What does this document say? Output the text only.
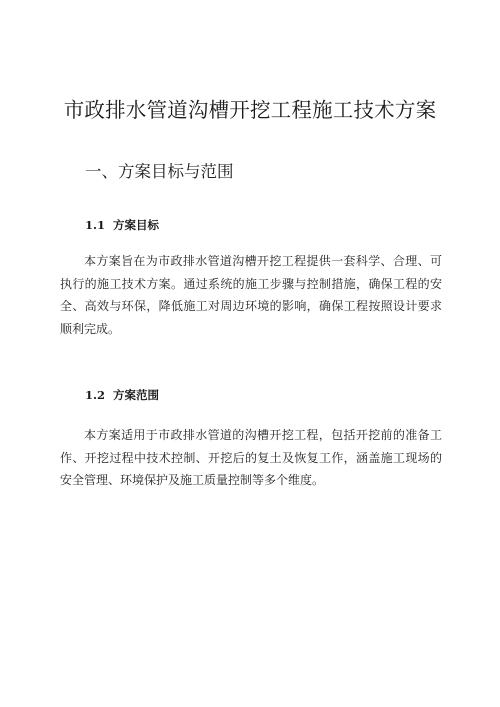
市政排水管道沟槽开挖工程施工技术方案
一、方案目标与范围
1.1 方案目标

本方案旨在为市政排水管道沟槽开挖工程提供一套科学、合理、可执行的施工技术方案。通过系统的施工步骤与控制措施，确保工程的安全、高效与环保，降低施工对周边环境的影响，确保工程按照设计要求顺利完成。

1.2 方案范围

本方案适用于市政排水管道的沟槽开挖工程，包括开挖前的准备工作、开挖过程中技术控制、开挖后的复土及恢复工作，涵盖施工现场的安全管理、环境保护及施工质量控制等多个维度。
